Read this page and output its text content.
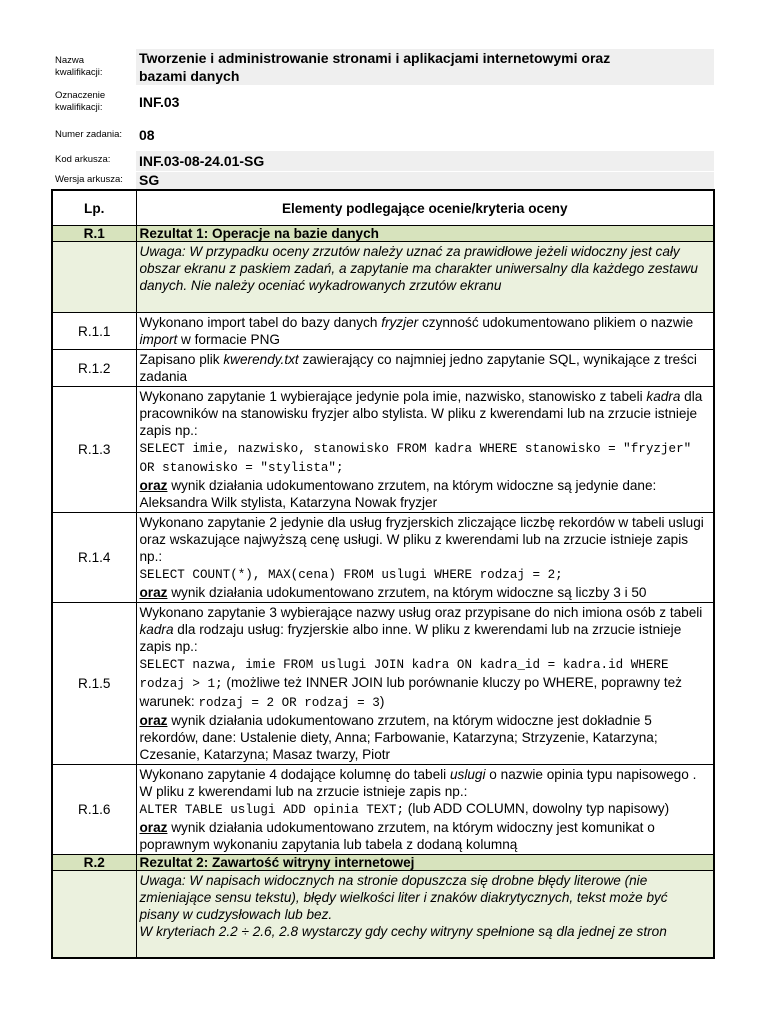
Nazwa
kwalifikacji:
Tworzenie i administrowanie stronami i aplikacjami internetowymi oraz
bazami danych
Oznaczenie
kwalifikacji:	INF.03
Numer zadania: 08
Kod arkusza: INF.03-08-24.01-SG
Wersja arkusza: SG
Lp.	Elementy podlegające ocenie/kryteria oceny
R.1	Rezultat 1: Operacje na bazie danych
	Uwaga: W przypadku oceny zrzutów należy uznać za prawidłowe jeżeli widoczny jest cały obszar ekranu z paskiem zadań, a zapytanie ma charakter uniwersalny dla każdego zestawu danych. Nie należy oceniać wykadrowanych zrzutów ekranu
R.1.1	Wykonano import tabel do bazy danych fryzjer czynność udokumentowano plikiem o nazwie import w formacie PNG
R.1.2	Zapisano plik kwerendy.txt zawierający co najmniej jedno zapytanie SQL, wynikające z treści zadania
R.1.3	Wykonano zapytanie 1 wybierające jedynie pola imie, nazwisko, stanowisko z tabeli kadra dla pracowników na stanowisku fryzjer albo stylista. W pliku z kwerendami lub na zrzucie istnieje zapis np.:
SELECT imie, nazwisko, stanowisko FROM kadra WHERE stanowisko = "fryzjer" OR stanowisko = "stylista";
oraz wynik działania udokumentowano zrzutem, na którym widoczne są jedynie dane: Aleksandra Wilk stylista, Katarzyna Nowak fryzjer
R.1.4	Wykonano zapytanie 2 jedynie dla usług fryzjerskich zliczające liczbę rekordów w tabeli uslugi oraz wskazujące najwyższą cenę usługi. W pliku z kwerendami lub na zrzucie istnieje zapis np.:
SELECT COUNT(*), MAX(cena) FROM uslugi WHERE rodzaj = 2;
oraz wynik działania udokumentowano zrzutem, na którym widoczne są liczby 3 i 50
R.1.5	Wykonano zapytanie 3 wybierające nazwy usług oraz przypisane do nich imiona osób z tabeli kadra dla rodzaju usług: fryzjerskie albo inne. W pliku z kwerendami lub na zrzucie istnieje zapis np.:
SELECT nazwa, imie FROM uslugi JOIN kadra ON kadra_id = kadra.id WHERE rodzaj > 1; (możliwe też INNER JOIN lub porównanie kluczy po WHERE, poprawny też warunek: rodzaj = 2 OR rodzaj = 3)
oraz wynik działania udokumentowano zrzutem, na którym widoczne jest dokładnie 5 rekordów, dane: Ustalenie diety, Anna; Farbowanie, Katarzyna; Strzyzenie, Katarzyna; Czesanie, Katarzyna; Masaz twarzy, Piotr
R.1.6	Wykonano zapytanie 4 dodające kolumnę do tabeli uslugi o nazwie opinia typu napisowego . W pliku z kwerendami lub na zrzucie istnieje zapis np.:
ALTER TABLE uslugi ADD opinia TEXT; (lub ADD COLUMN, dowolny typ napisowy)
oraz wynik działania udokumentowano zrzutem, na którym widoczny jest komunikat o poprawnym wykonaniu zapytania lub tabela z dodaną kolumną
R.2	Rezultat 2: Zawartość witryny internetowej

	Uwaga: W napisach widocznych na stronie dopuszcza się drobne błędy literowe (nie zmieniające sensu tekstu), błędy wielkości liter i znaków diakrytycznych, tekst może być pisany w cudzysłowach lub bez.
W kryteriach 2.2 ÷ 2.6, 2.8 wystarczy gdy cechy witryny spełnione są dla jednej ze stron
